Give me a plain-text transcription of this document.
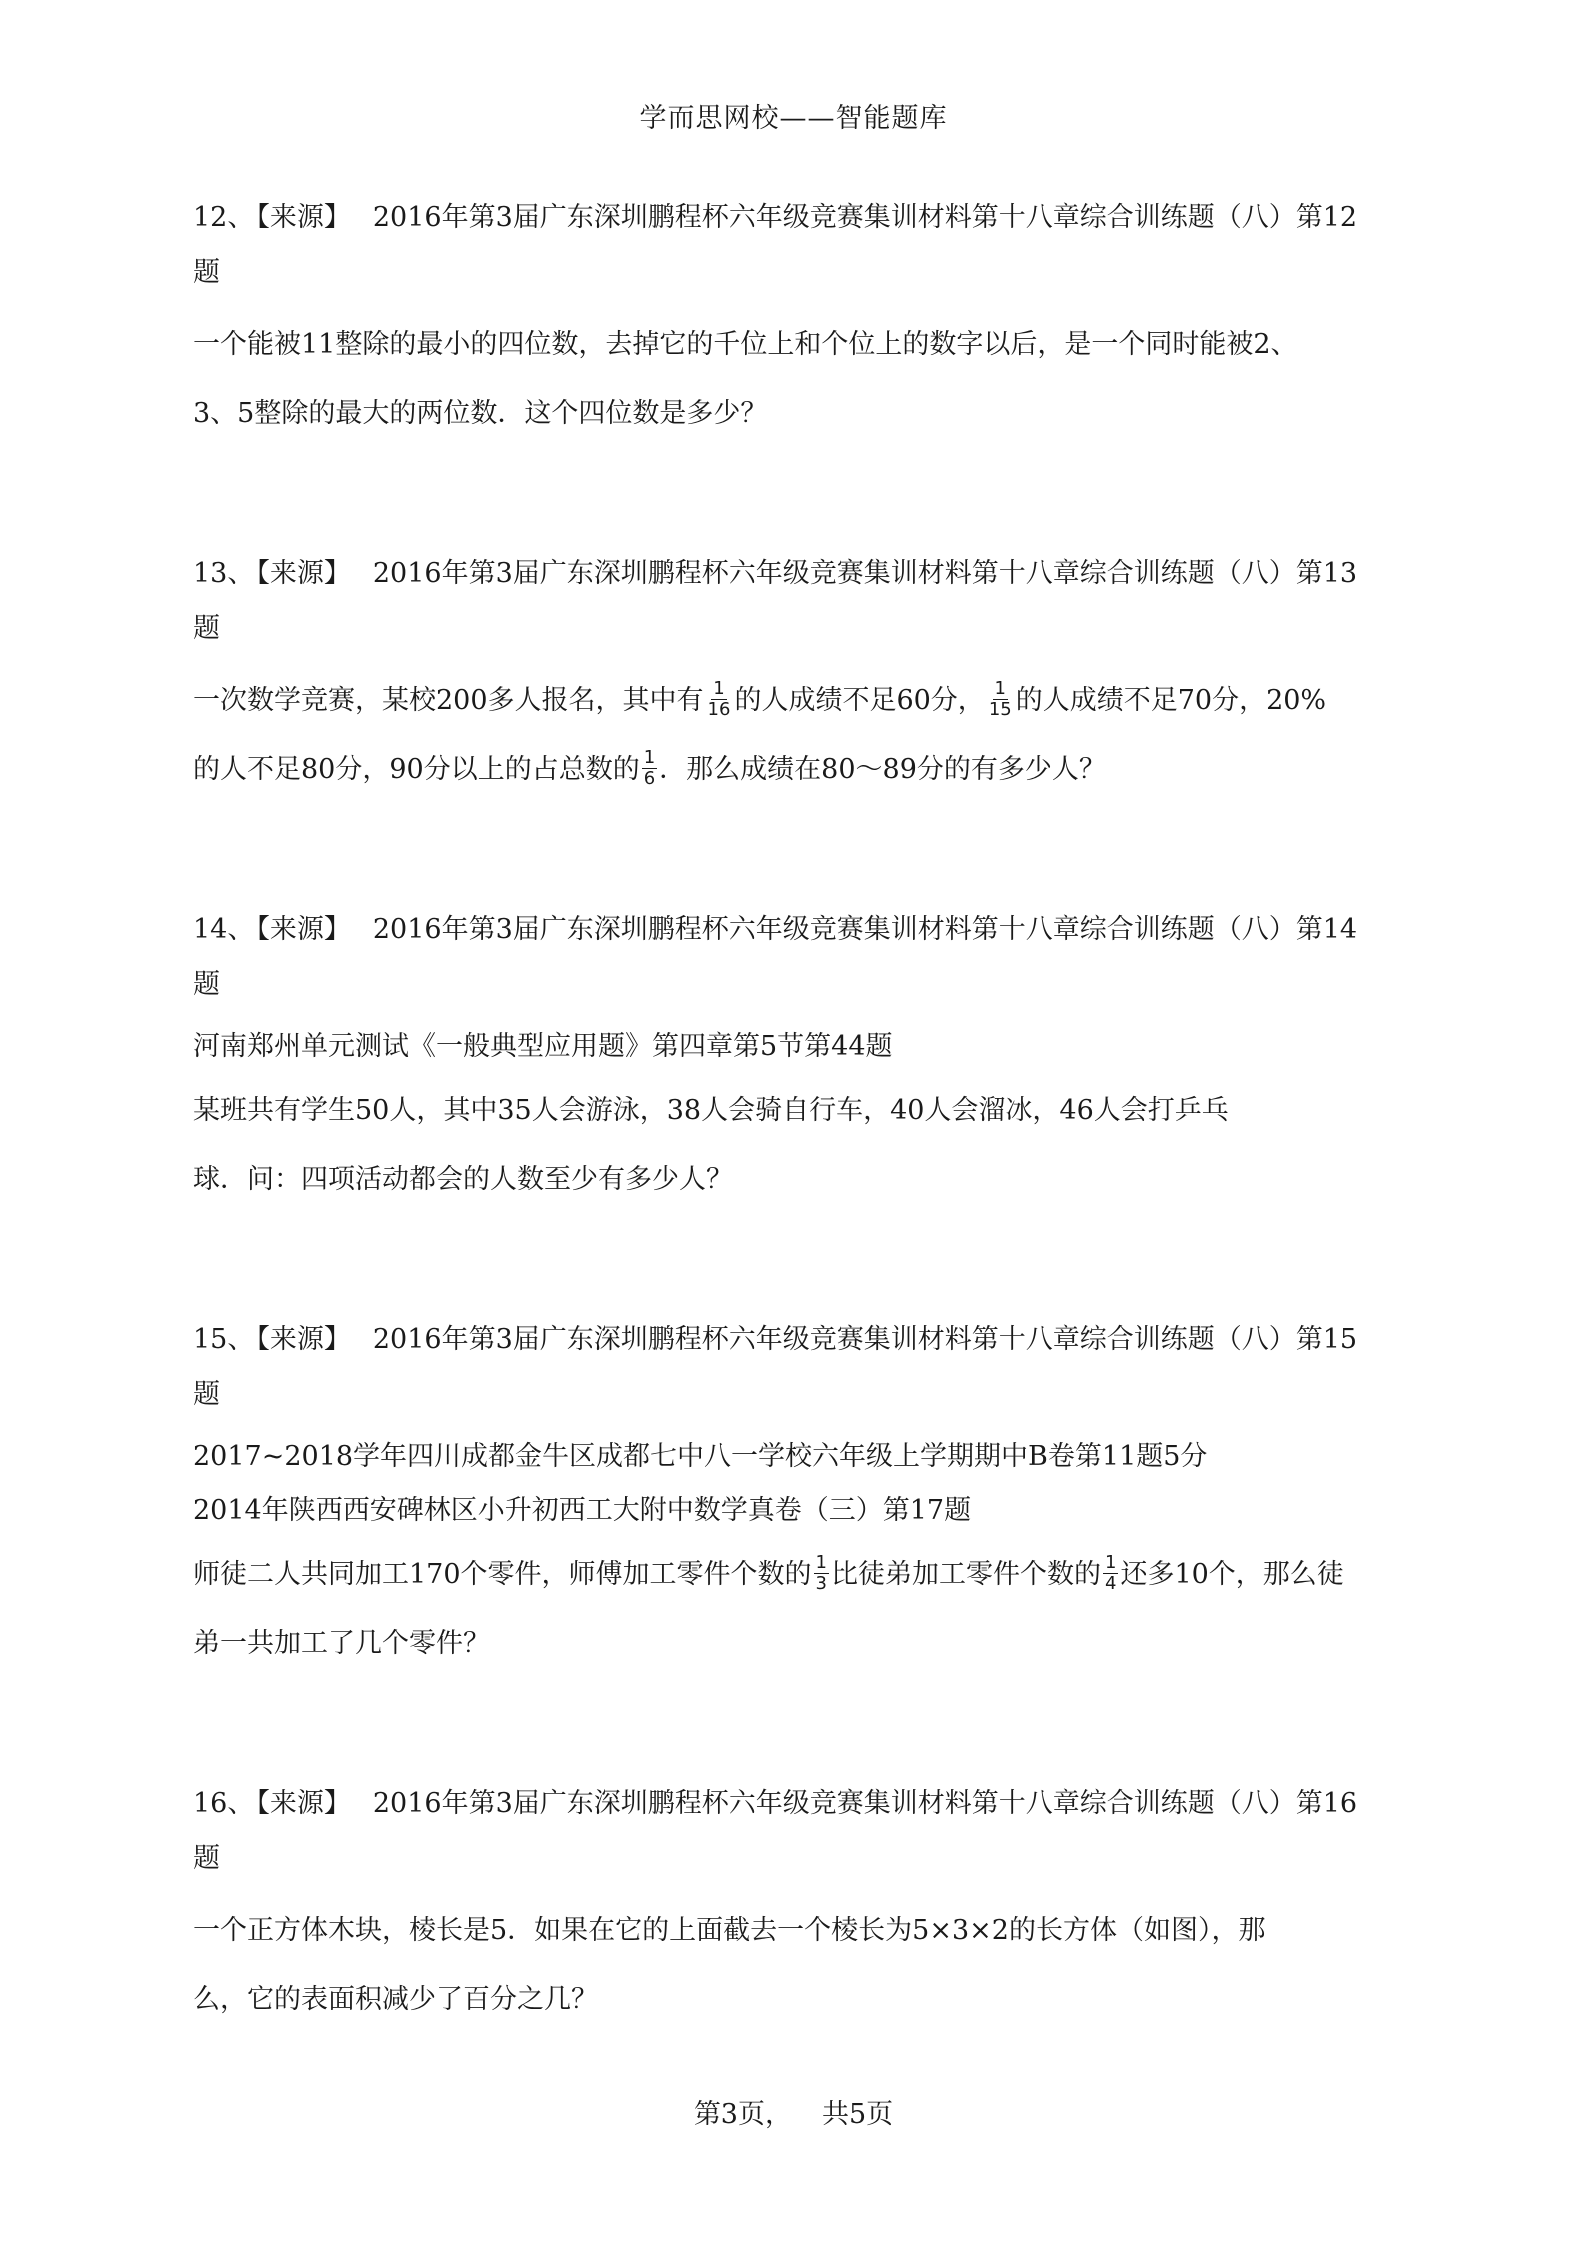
学而思网校——智能题库
12、【来源】 2016年第3届广东深圳鹏程杯六年级竞赛集训材料第十八章综合训练题（八）第12
题
一个能被11整除的最小的四位数，去掉它的千位上和个位上的数字以后，是一个同时能被2、
3、5整除的最大的两位数．这个四位数是多少？
13、【来源】 2016年第3届广东深圳鹏程杯六年级竞赛集训材料第十八章综合训练题（八）第13
题
一次数学竞赛，某校200多人报名，其中有 $\frac{1}{16}$ 的人成绩不足60分， $\frac{1}{15}$ 的人成绩不足70分，20%
的人不足80分，90分以上的占总数的 $\frac{1}{6}$ ．那么成绩在80～89分的有多少人？
14、【来源】 2016年第3届广东深圳鹏程杯六年级竞赛集训材料第十八章综合训练题（八）第14
题
河南郑州单元测试《一般典型应用题》第四章第5节第44题
某班共有学生50人，其中35人会游泳，38人会骑自行车，40人会溜冰，46人会打乒乓
球．问：四项活动都会的人数至少有多少人？
15、【来源】 2016年第3届广东深圳鹏程杯六年级竞赛集训材料第十八章综合训练题（八）第15
题
2017~2018学年四川成都金牛区成都七中八一学校六年级上学期期中B卷第11题5分
2014年陕西西安碑林区小升初西工大附中数学真卷（三）第17题
师徒二人共同加工170个零件，师傅加工零件个数的 $\frac{1}{3}$ 比徒弟加工零件个数的 $\frac{1}{4}$ 还多10个，那么徒
弟一共加工了几个零件？
16、【来源】 2016年第3届广东深圳鹏程杯六年级竞赛集训材料第十八章综合训练题（八）第16
题
一个正方体木块，棱长是5．如果在它的上面截去一个棱长为5×3×2的长方体（如图），那
么，它的表面积减少了百分之几？
第3页， 共5页
